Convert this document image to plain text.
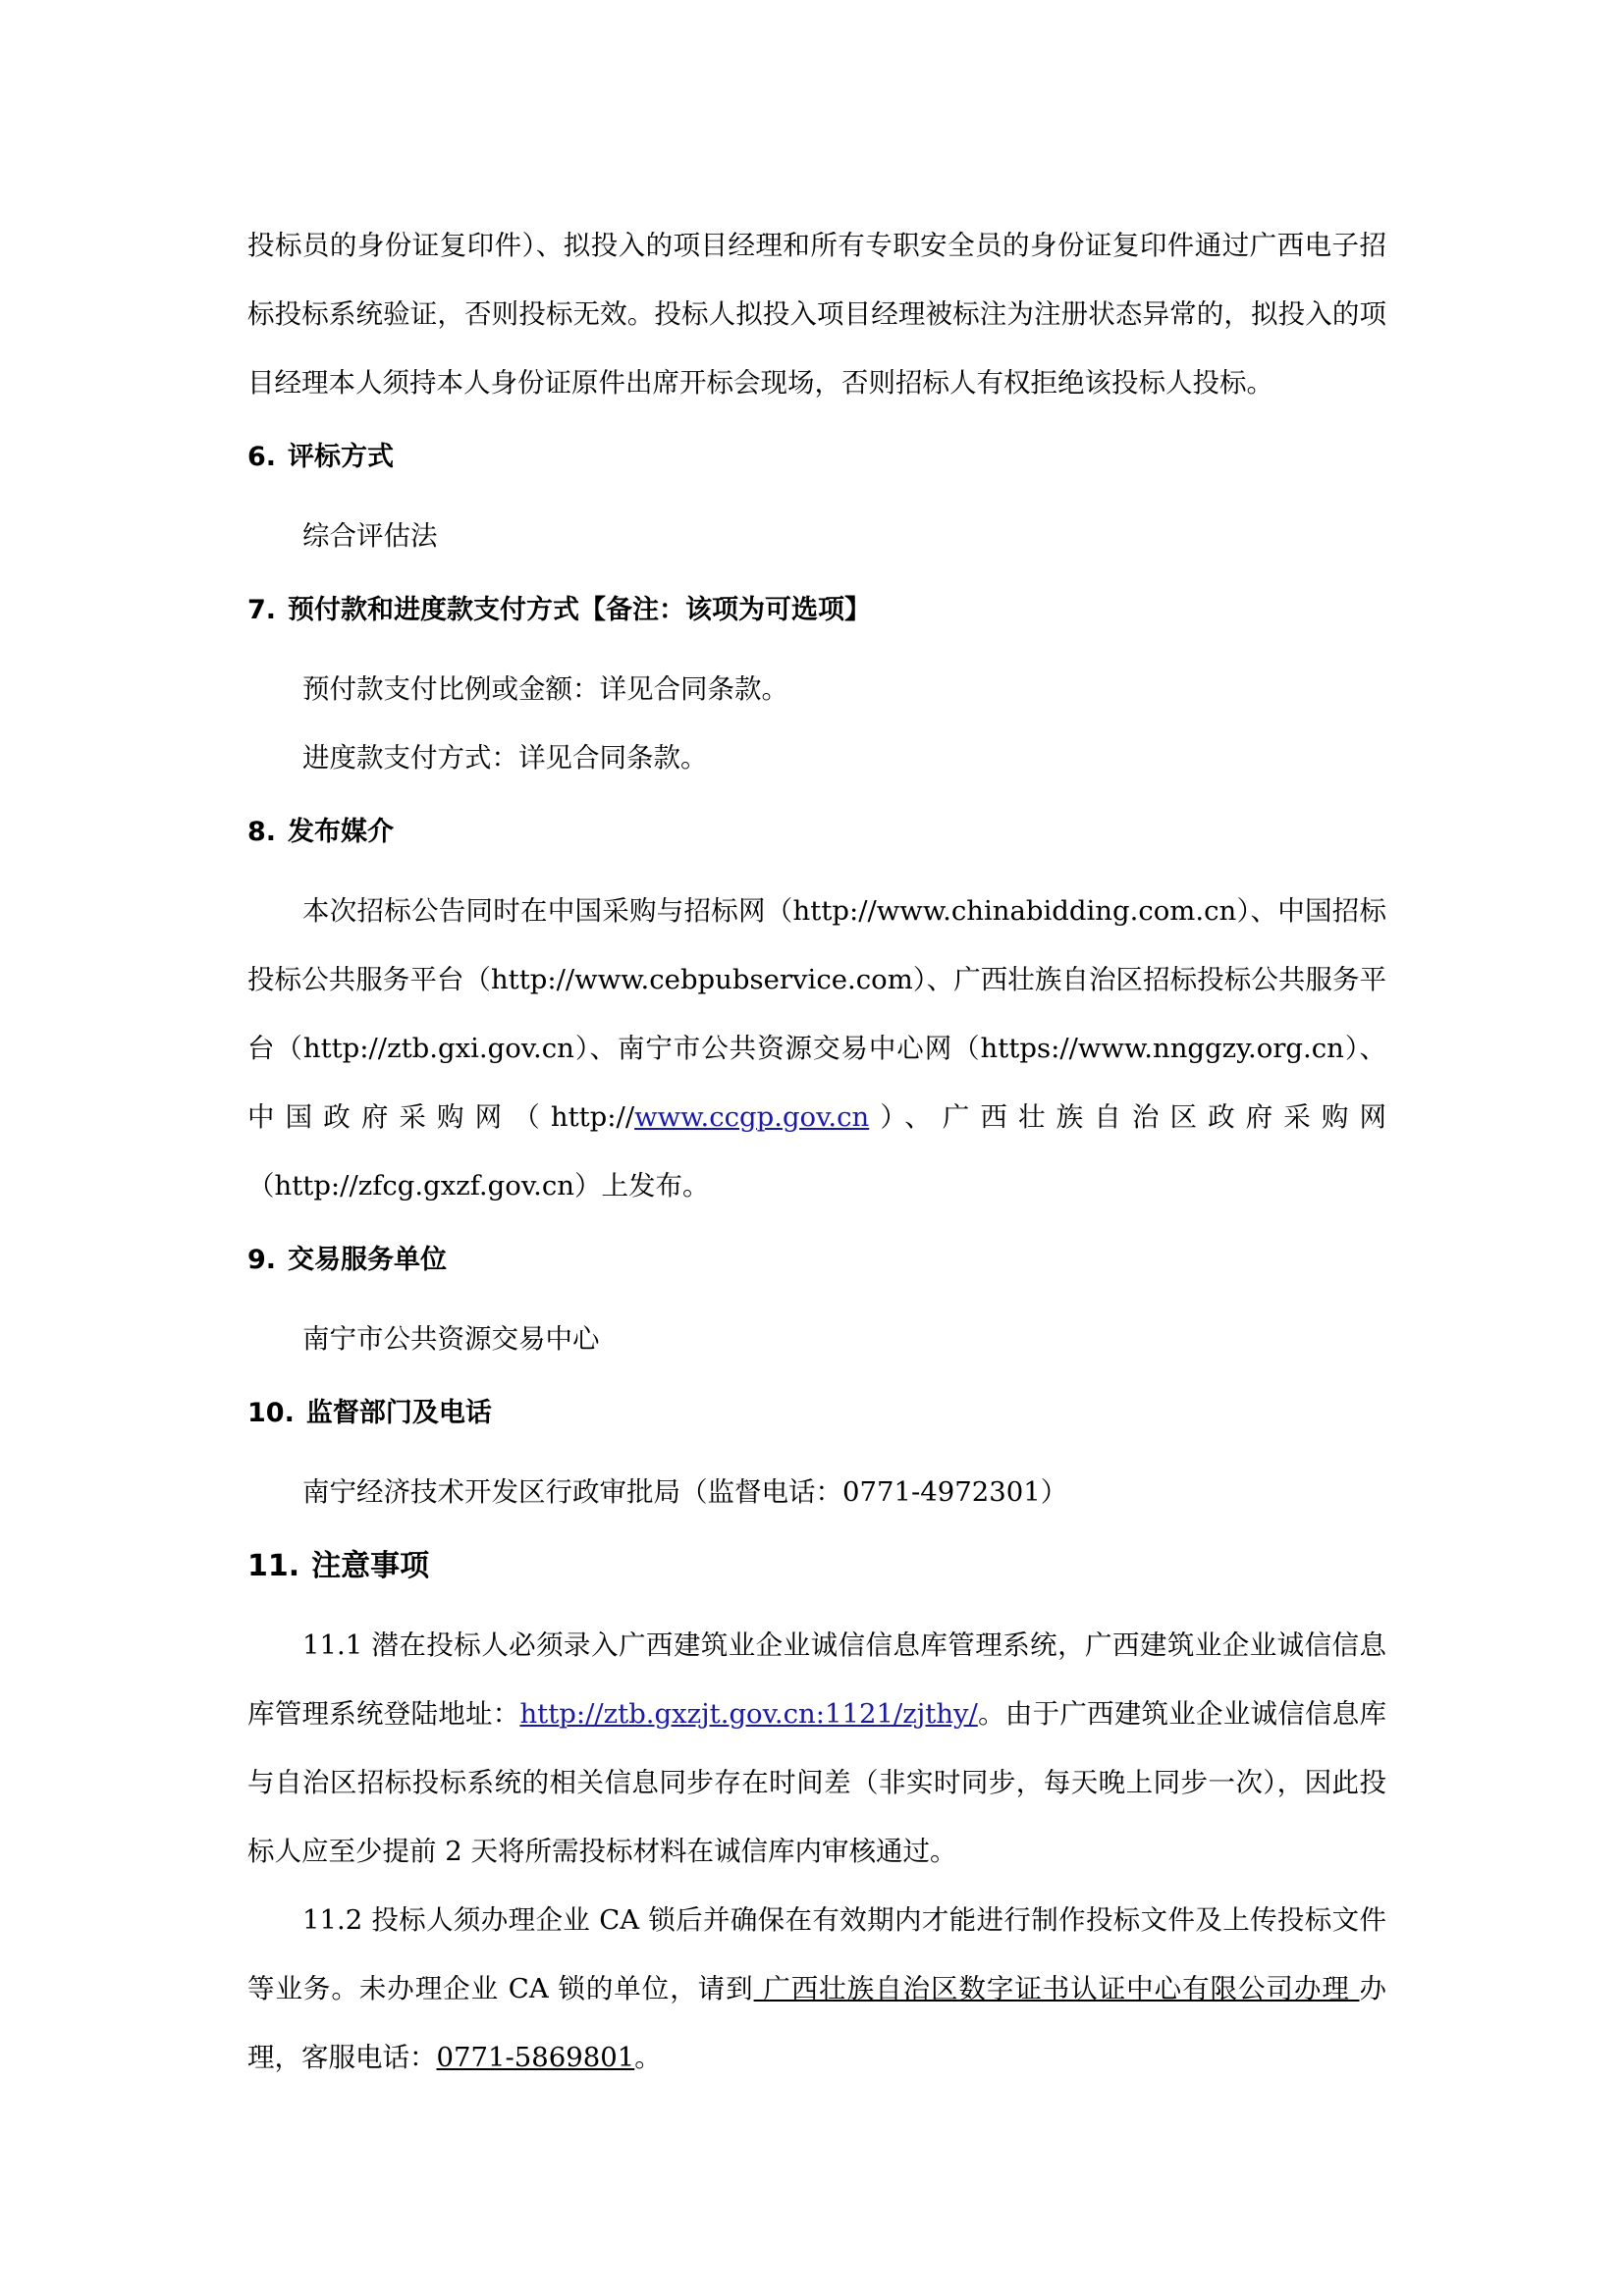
投标员的身份证复印件）、拟投入的项目经理和所有专职安全员的身份证复印件通过广西电子招标投标系统验证，否则投标无效。投标人拟投入项目经理被标注为注册状态异常的，拟投入的项目经理本人须持本人身份证原件出席开标会现场，否则招标人有权拒绝该投标人投标。

6. 评标方式

综合评估法

7. 预付款和进度款支付方式【备注：该项为可选项】

预付款支付比例或金额：详见合同条款。

进度款支付方式：详见合同条款。

8. 发布媒介

本次招标公告同时在中国采购与招标网（http://www.chinabidding.com.cn）、中国招标投标公共服务平台（http://www.cebpubservice.com）、广西壮族自治区招标投标公共服务平台（http://ztb.gxi.gov.cn）、南宁市公共资源交易中心网（https://www.nnggzy.org.cn）、中国政府采购网（http://www.ccgp.gov.cn）、广西壮族自治区政府采购网（http://zfcg.gxzf.gov.cn）上发布。

9. 交易服务单位

南宁市公共资源交易中心

10. 监督部门及电话

南宁经济技术开发区行政审批局（监督电话：0771-4972301）

11. 注意事项

11.1 潜在投标人必须录入广西建筑业企业诚信信息库管理系统，广西建筑业企业诚信信息库管理系统登陆地址：http://ztb.gxzjt.gov.cn:1121/zjthy/。由于广西建筑业企业诚信信息库与自治区招标投标系统的相关信息同步存在时间差（非实时同步，每天晚上同步一次），因此投标人应至少提前 2 天将所需投标材料在诚信库内审核通过。

11.2 投标人须办理企业 CA 锁后并确保在有效期内才能进行制作投标文件及上传投标文件等业务。未办理企业 CA 锁的单位，请到 广西壮族自治区数字证书认证中心有限公司办理 办理，客服电话：0771-5869801。
